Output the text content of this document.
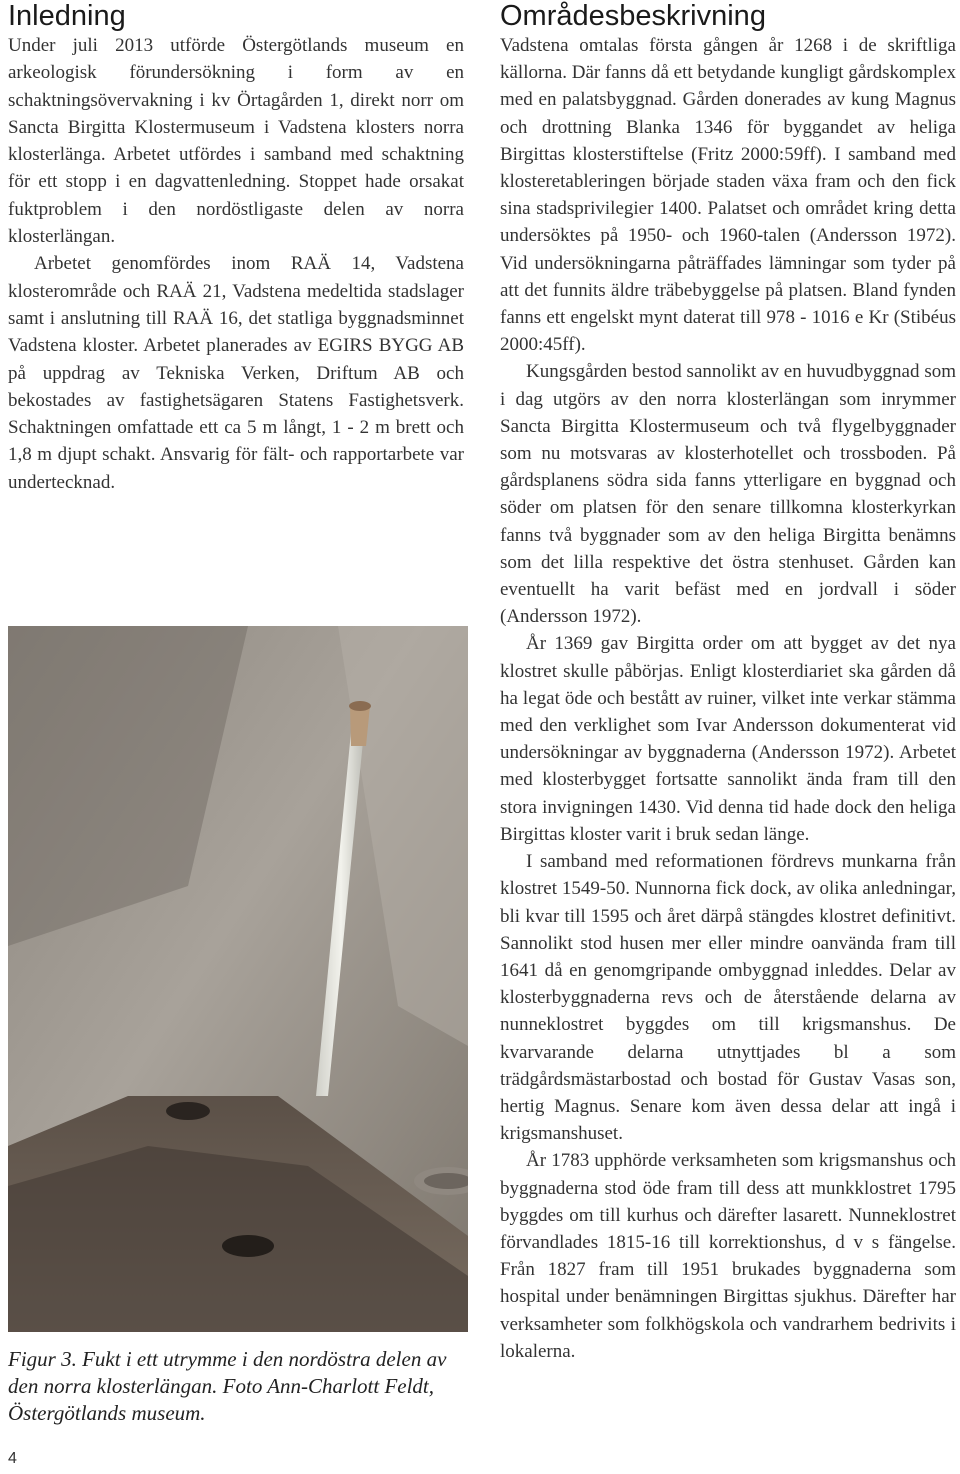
Inledning

Under juli 2013 utförde Östergötlands museum en arkeologisk förundersökning i form av en schaktningsövervakning i kv Örtagården 1, direkt norr om Sancta Birgitta Klostermuseum i Vadstena klosters norra klosterlänga. Arbetet utfördes i samband med schaktning för ett stopp i en dagvattenledning. Stoppet hade orsakat fuktproblem i den nordöstligaste delen av norra klosterlängan.

Arbetet genomfördes inom RAÄ 14, Vadstena klosterområde och RAÄ 21, Vadstena medeltida stadslager samt i anslutning till RAÄ 16, det statliga byggnadsminnet Vadstena kloster. Arbetet planerades av EGIRS BYGG AB på uppdrag av Tekniska Verken, Driftum AB och bekostades av fastighetsägaren Statens Fastighetsverk. Schaktningen omfattade ett ca 5 m långt, 1 - 2 m brett och 1,8 m djupt schakt. Ansvarig för fält- och rapportarbete var undertecknad.

Figur 3. Fukt i ett utrymme i den nordöstra delen av den norra klosterlängan. Foto Ann-Charlott Feldt, Östergötlands museum.
Områdesbeskrivning

Vadstena omtalas första gången år 1268 i de skriftliga källorna. Där fanns då ett betydande kungligt gårdskomplex med en palatsbyggnad. Gården donerades av kung Magnus och drottning Blanka 1346 för byggandet av heliga Birgittas klosterstiftelse (Fritz 2000:59ff). I samband med klosteretableringen började staden växa fram och den fick sina stadsprivilegier 1400. Palatset och området kring detta undersöktes på 1950- och 1960-talen (Andersson 1972). Vid undersökningarna påträffades lämningar som tyder på att det funnits äldre träbebyggelse på platsen. Bland fynden fanns ett engelskt mynt daterat till 978 - 1016 e Kr (Stibéus 2000:45ff).

Kungsgården bestod sannolikt av en huvudbyggnad som i dag utgörs av den norra klosterlängan som inrymmer Sancta Birgitta Klostermuseum och två flygelbyggnader som nu motsvaras av klosterhotellet och trossboden. På gårdsplanens södra sida fanns ytterligare en byggnad och söder om platsen för den senare tillkomna klosterkyrkan fanns två byggnader som av den heliga Birgitta benämns som det lilla respektive det östra stenhuset. Gården kan eventuellt ha varit befäst med en jordvall i söder (Andersson 1972).

År 1369 gav Birgitta order om att bygget av det nya klostret skulle påbörjas. Enligt klosterdiariet ska gården då ha legat öde och bestått av ruiner, vilket inte verkar stämma med den verklighet som Ivar Andersson dokumenterat vid undersökningar av byggnaderna (Andersson 1972). Arbetet med klosterbygget fortsatte sannolikt ända fram till den stora invigningen 1430. Vid denna tid hade dock den heliga Birgittas kloster varit i bruk sedan länge.

I samband med reformationen fördrevs munkarna från klostret 1549-50. Nunnorna fick dock, av olika anledningar, bli kvar till 1595 och året därpå stängdes klostret definitivt. Sannolikt stod husen mer eller mindre oanvända fram till 1641 då en genomgripande ombyggnad inleddes. Delar av klosterbyggnaderna revs och de återstående delarna av nunneklostret byggdes om till krigsmanshus. De kvarvarande delarna utnyttjades bl a som trädgårdsmästarbostad och bostad för Gustav Vasas son, hertig Magnus. Senare kom även dessa delar att ingå i krigsmanshuset.

År 1783 upphörde verksamheten som krigsmanshus och byggnaderna stod öde fram till dess att munkklostret 1795 byggdes om till kurhus och därefter lasarett. Nunneklostret förvandlades 1815-16 till korrektionshus, d v s fängelse. Från 1827 fram till 1951 brukades byggnaderna som hospital under benämningen Birgittas sjukhus. Därefter har verksamheter som folkhögskola och vandrarhem bedrivits i lokalerna.

4
